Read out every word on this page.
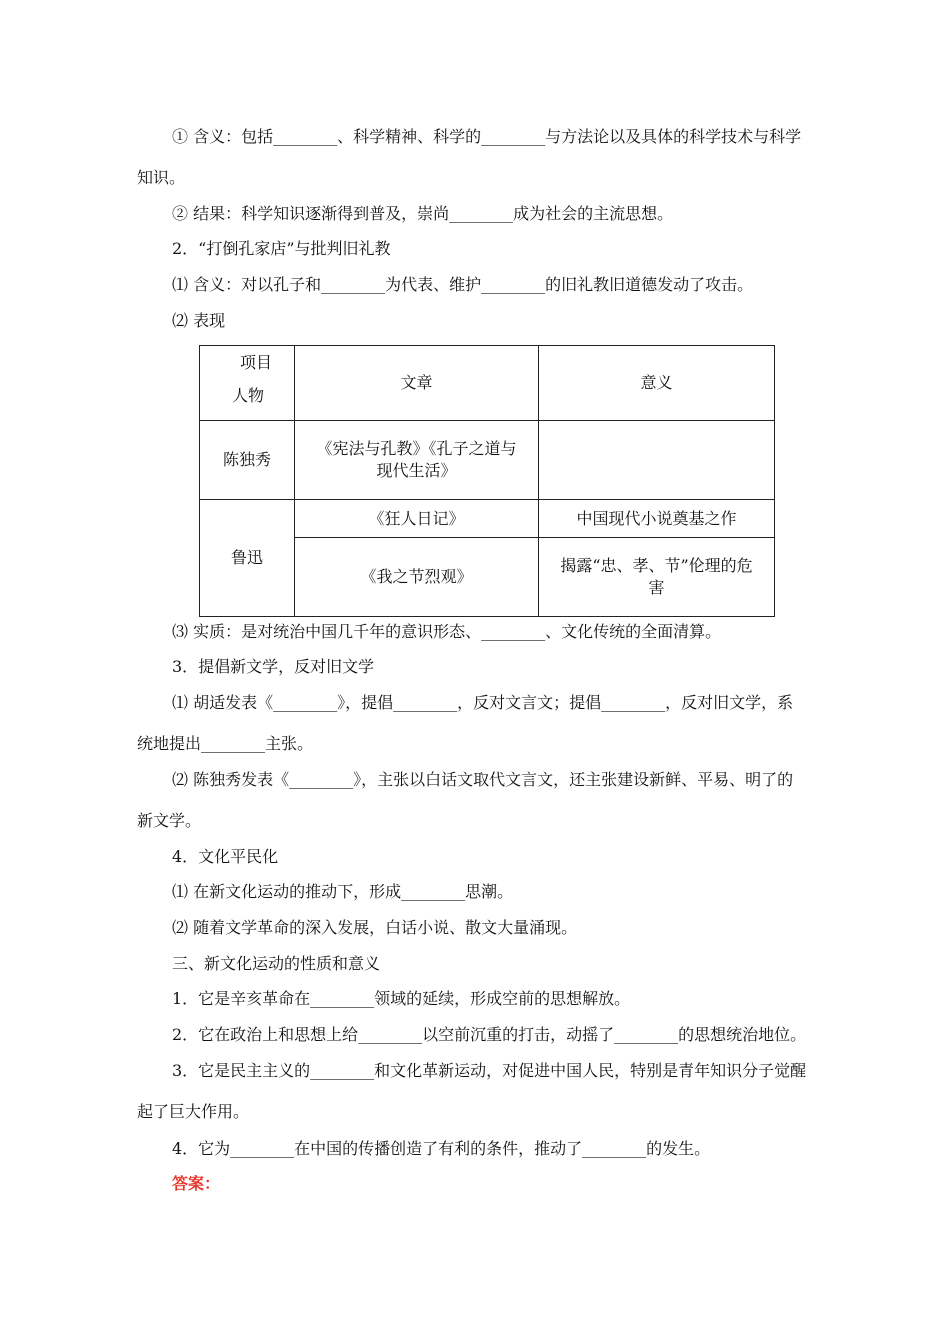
① 含义：包括________、科学精神、科学的________与方法论以及具体的科学技术与科学
知识。
② 结果：科学知识逐渐得到普及，崇尚________成为社会的主流思想。
2．“打倒孔家店”与批判旧礼教
⑴ 含义：对以孔子和________为代表、维护________的旧礼教旧道德发动了攻击。
⑵ 表现
项目
人物	文章	意义
陈独秀	《宪法与孔教》《孔子之道与
现代生活》	

鲁迅	《狂人日记》	中国现代小说奠基之作
	《我之节烈观》	揭露“忠、孝、节”伦理的危
害
⑶ 实质：是对统治中国几千年的意识形态、________、文化传统的全面清算。
3．提倡新文学，反对旧文学
⑴ 胡适发表《________》，提倡________，反对文言文；提倡________，反对旧文学，系
统地提出________主张。
⑵ 陈独秀发表《________》，主张以白话文取代文言文，还主张建设新鲜、平易、明了的
新文学。
4．文化平民化
⑴ 在新文化运动的推动下，形成________思潮。
⑵ 随着文学革命的深入发展，白话小说、散文大量涌现。
三、新文化运动的性质和意义
1．它是辛亥革命在________领域的延续，形成空前的思想解放。
2．它在政治上和思想上给________以空前沉重的打击，动摇了________的思想统治地位。
3．它是民主主义的________和文化革新运动，对促进中国人民，特别是青年知识分子觉醒
起了巨大作用。
4．它为________在中国的传播创造了有利的条件，推动了________的发生。
答案：
